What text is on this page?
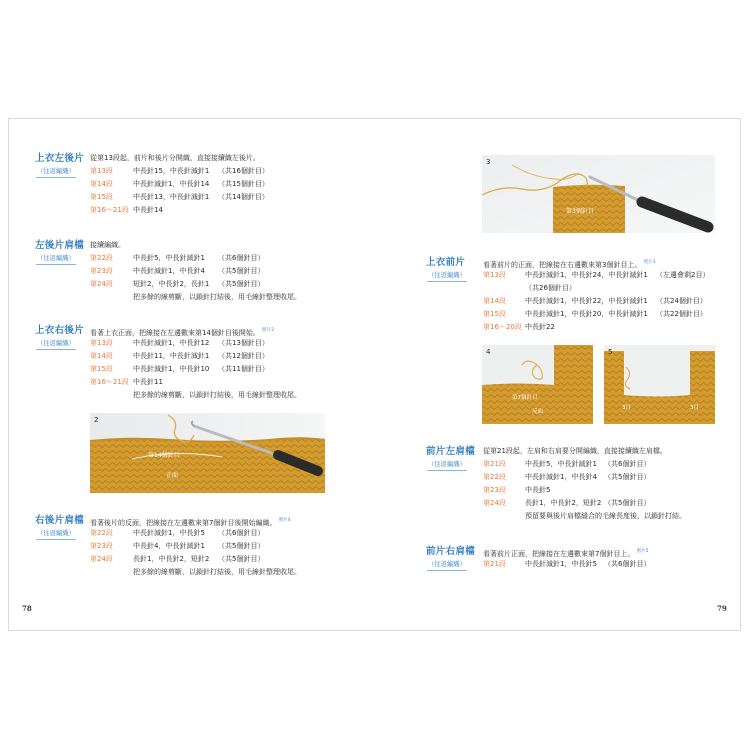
上衣左後片
（往返編織）
從第13段起，前片和後片分開織，直接接續織左後片。
第13段	中長針15，中長針減針1 （共16個針目）
第14段	中長針減針1，中長針14 （共15個針目）
第15段	中長針13，中長針減針1 （共14個針目）
第16～21段 中長針14
左後片肩檔
（往返編織）
接續編織。
第22段	中長針5，中長針減針1 （共6個針目）
第23段	中長針減針1，中長針4 （共5個針目）
第24段	短針2，中長針2，長針1 （共5個針目）
把多餘的線剪斷，以鎖針打結後，用毛線針整理收尾。
上衣右後片
（往返編織）
看著上衣正面，把線接在左邊數來第14個針目後開始。 $^{照片2}$
第13段	中長針減針1，中長針12 （共13個針目）
第14段	中長針11，中長針減針1 （共12個針目）
第15段	中長針減針1，中長針10 （共11個針目）
第16～21段 中長針11
把多餘的線剪斷，以鎖針打結後，用毛線針整理收尾。
第14個針目
正面
2
右後片肩檔
（往返編織）
看著後片的反面，把線接在左邊數來第7個針目後開始編織。 $^{照片4}$
第22段	中長針減針1，中長針5 （共6個針目）
第23段	中長針4，中長針減針1 （共5個針目）
第24段	長針1，中長針2，短針2 （共5個針目）
把多餘的線剪斷，以鎖針打結後，用毛線針整理收尾。
78
第3個針目
3
上衣前片
（往返編織）
看著前片的正面，把線接在右邊數來第3個針目上。 $^{照片3}$
第13段	中長針減針1，中長針24，中長針減針1 （左邊會剩2目）
（共26個針目）
第14段	中長針減針1，中長針22，中長針減針1 （共24個針目）
第15段	中長針減針1，中長針20，中長針減針1 （共22個針目）
第16～20段 中長針22
第7個針目
反面
4
3目	3目
5
前片左肩檔
（往返編織）
從第21段起，左肩和右肩要分開編織，直接接續織左肩檔。
第21段	中長針5，中長針減針1 （共6個針目）
第22段	中長針減針1，中長針4 （共5個針目）
第23段	中長針5
第24段	長針1，中長針2，短針2 （共5個針目）
預留要與後片肩檔縫合的毛線長度後，以鎖針打結。
前片右肩檔
（往返編織）
看著前片正面，把線接在左邊數來第7個針目上。 $^{照片5}$
第21段	中長針減針1，中長針5 （共6個針目）
79
